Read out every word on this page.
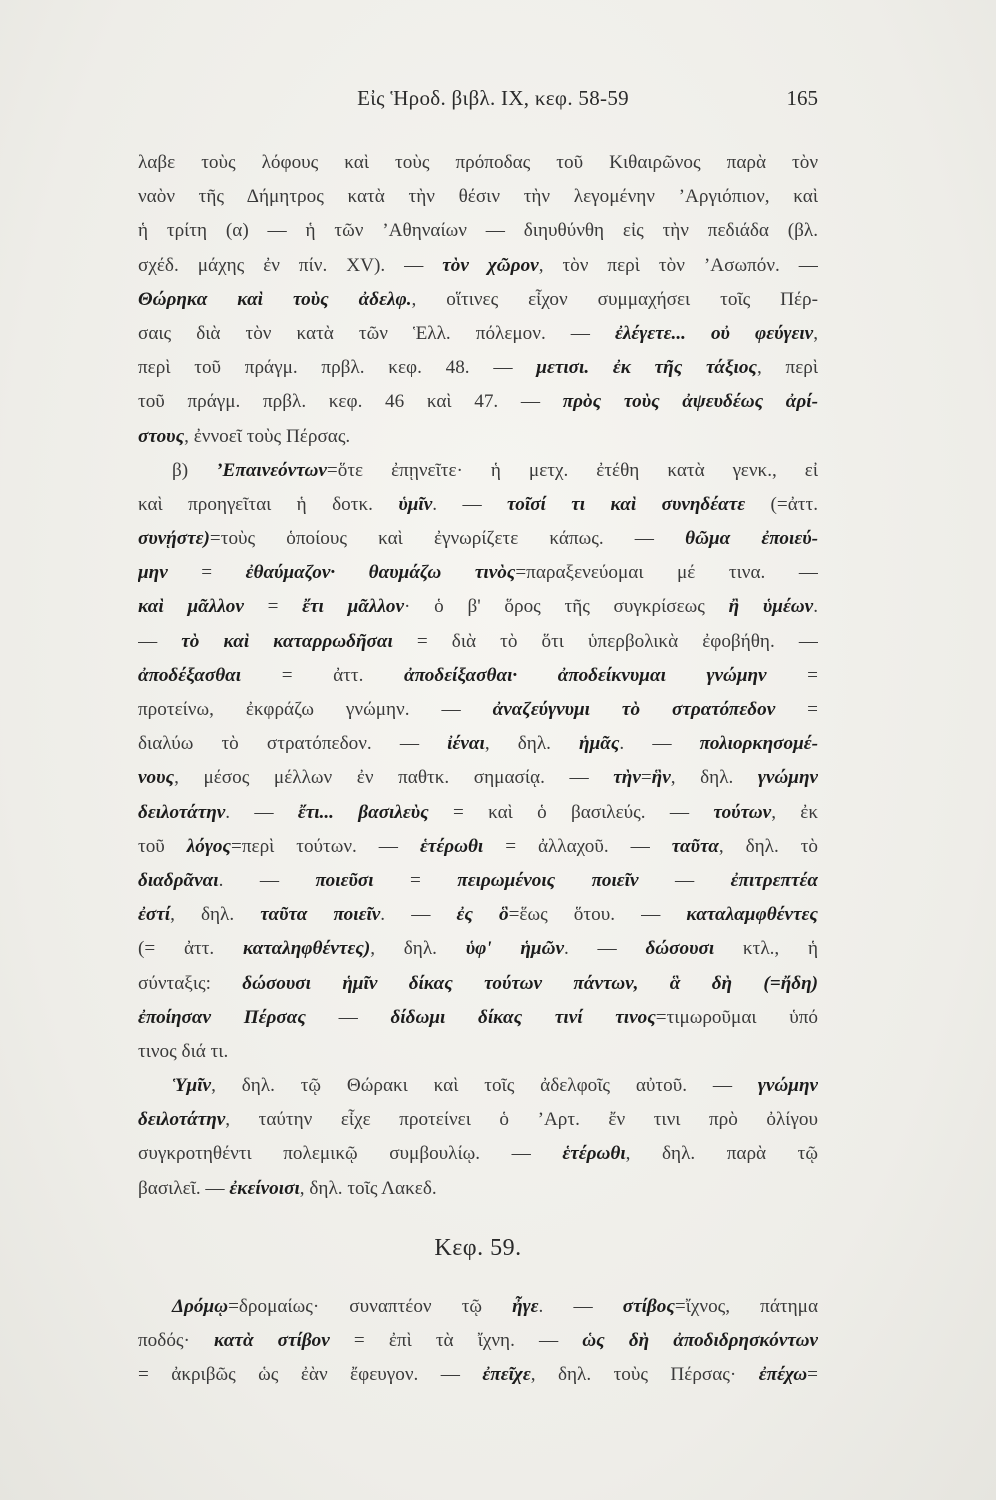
Εἰς Ἡροδ. βιβλ. IX, κεφ. 58-59	165
λαβε τοὺς λόφους καὶ τοὺς πρόποδας τοῦ Κιθαιρῶνος παρὰ τὸν
ναὸν τῆς Δήμητρος κατὰ τὴν θέσιν τὴν λεγομένην ’Αργιόπιον, καὶ
ἡ τρίτη (α) — ἡ τῶν ’Αθηναίων — διηυθύνθη εἰς τὴν πεδιάδα (βλ.
σχέδ. μάχης ἐν πίν. XV). — τὸν χῶρον, τὸν περὶ τὸν ’Ασωπόν. —
Θώρηκα καὶ τοὺς ἀδελφ., οἵτινες εἶχον συμμαχήσει τοῖς Πέρ-
σαις διὰ τὸν κατὰ τῶν Ἑλλ. πόλεμον. — ἐλέγετε... οὐ φεύγειν,
περὶ τοῦ πράγμ. πρβλ. κεφ. 48. — μετισι. ἐκ τῆς τάξιος, περὶ
τοῦ πράγμ. πρβλ. κεφ. 46 καὶ 47. — πρὸς τοὺς ἀψευδέως ἀρί-
στους, ἐννοεῖ τοὺς Πέρσας.
β) ’Επαινεόντων=ὅτε ἐπῃνεῖτε· ἡ μετχ. ἐτέθη κατὰ γενκ., εἰ
καὶ προηγεῖται ἡ δοτκ. ὑμῖν. — τοῖσί τι καὶ συνηδέατε (=ἀττ.
συνῄστε)=τοὺς ὁποίους καὶ ἐγνωρίζετε κάπως. — θῶμα ἐποιεύ-
μην = ἐθαύμαζον· θαυμάζω τινὸς=παραξενεύομαι μέ τινα. —
καὶ μᾶλλον = ἔτι μᾶλλον· ὁ β' ὅρος τῆς συγκρίσεως ἢ ὑμέων.
— τὸ καὶ καταρρωδῆσαι = διὰ τὸ ὅτι ὑπερβολικὰ ἐφοβήθη. —
ἀποδέξασθαι = ἀττ. ἀποδείξασθαι· ἀποδείκνυμαι γνώμην =
προτείνω, ἐκφράζω γνώμην. — ἀναζεύγνυμι τὸ στρατόπεδον =
διαλύω τὸ στρατόπεδον. — ἰέναι, δηλ. ἡμᾶς. — πολιορκησομέ-
νους, μέσος μέλλων ἐν παθτκ. σημασίᾳ. — τὴν=ἣν, δηλ. γνώμην
δειλοτάτην. — ἔτι... βασιλεὺς = καὶ ὁ βασιλεύς. — τούτων, ἐκ
τοῦ λόγος=περὶ τούτων. — ἑτέρωθι = ἀλλαχοῦ. — ταῦτα, δηλ. τὸ
διαδρᾶναι. — ποιεῦσι = πειρωμένοις ποιεῖν — ἐπιτρεπτέα
ἐστί, δηλ. ταῦτα ποιεῖν. — ἐς ὃ=ἕως ὅτου. — καταλαμφθέντες
(= ἀττ. καταληφθέντες), δηλ. ὑφ' ἡμῶν. — δώσουσι κτλ., ἡ
σύνταξις: δώσουσι ἡμῖν δίκας τούτων πάντων, ἃ δὴ (=ἤδη)
ἐποίησαν Πέρσας — δίδωμι δίκας τινί τινος=τιμωροῦμαι ὑπό
τινος διά τι.
Ὑμῖν, δηλ. τῷ Θώρακι καὶ τοῖς ἀδελφοῖς αὐτοῦ. — γνώμην
δειλοτάτην, ταύτην εἶχε προτείνει ὁ ’Αρτ. ἔν τινι πρὸ ὀλίγου
συγκροτηθέντι πολεμικῷ συμβουλίῳ. — ἑτέρωθι, δηλ. παρὰ τῷ
βασιλεῖ. — ἐκείνοισι, δηλ. τοῖς Λακεδ.
Κεφ. 59.
Δρόμῳ=δρομαίως· συναπτέον τῷ ἦγε. — στίβος=ἴχνος, πάτημα
ποδός· κατὰ στίβον = ἐπὶ τὰ ἴχνη. — ὡς δὴ ἀποδιδρησκόντων
= ἀκριβῶς ὡς ἐὰν ἔφευγον. — ἐπεῖχε, δηλ. τοὺς Πέρσας· ἐπέχω=
